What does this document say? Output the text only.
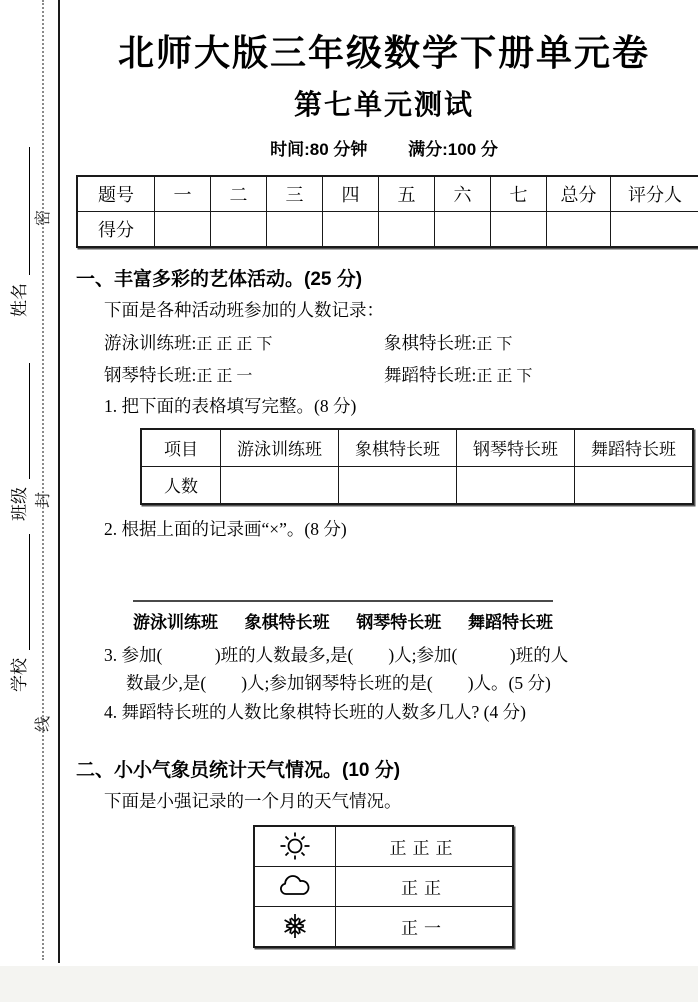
姓名
班级
学校
密
封
线
北师大版三年级数学下册单元卷
第七单元测试
时间:80 分钟 满分:100 分
题号	一	二	三	四	五	六	七	总分	评分人
得分									
一、丰富多彩的艺体活动。(25 分)
下面是各种活动班参加的人数记录：
游泳训练班:正正正下	象棋特长班:正下
钢琴特长班:正正一	舞蹈特长班:正正下
1. 把下面的表格填写完整。(8 分)
项目	游泳训练班	象棋特长班	钢琴特长班	舞蹈特长班
人数				
2. 根据上面的记录画“×”。(8 分)
游泳训练班 象棋特长班 钢琴特长班 舞蹈特长班
3. 参加(　　　)班的人数最多,是(　　)人;参加(　　　)班的人
数最少,是(　　)人;参加钢琴特长班的是(　　)人。(5 分)
4. 舞蹈特长班的人数比象棋特长班的人数多几人? (4 分)
二、小小气象员统计天气情况。(10 分)
下面是小强记录的一个月的天气情况。
	正正正

	正正

	正一
